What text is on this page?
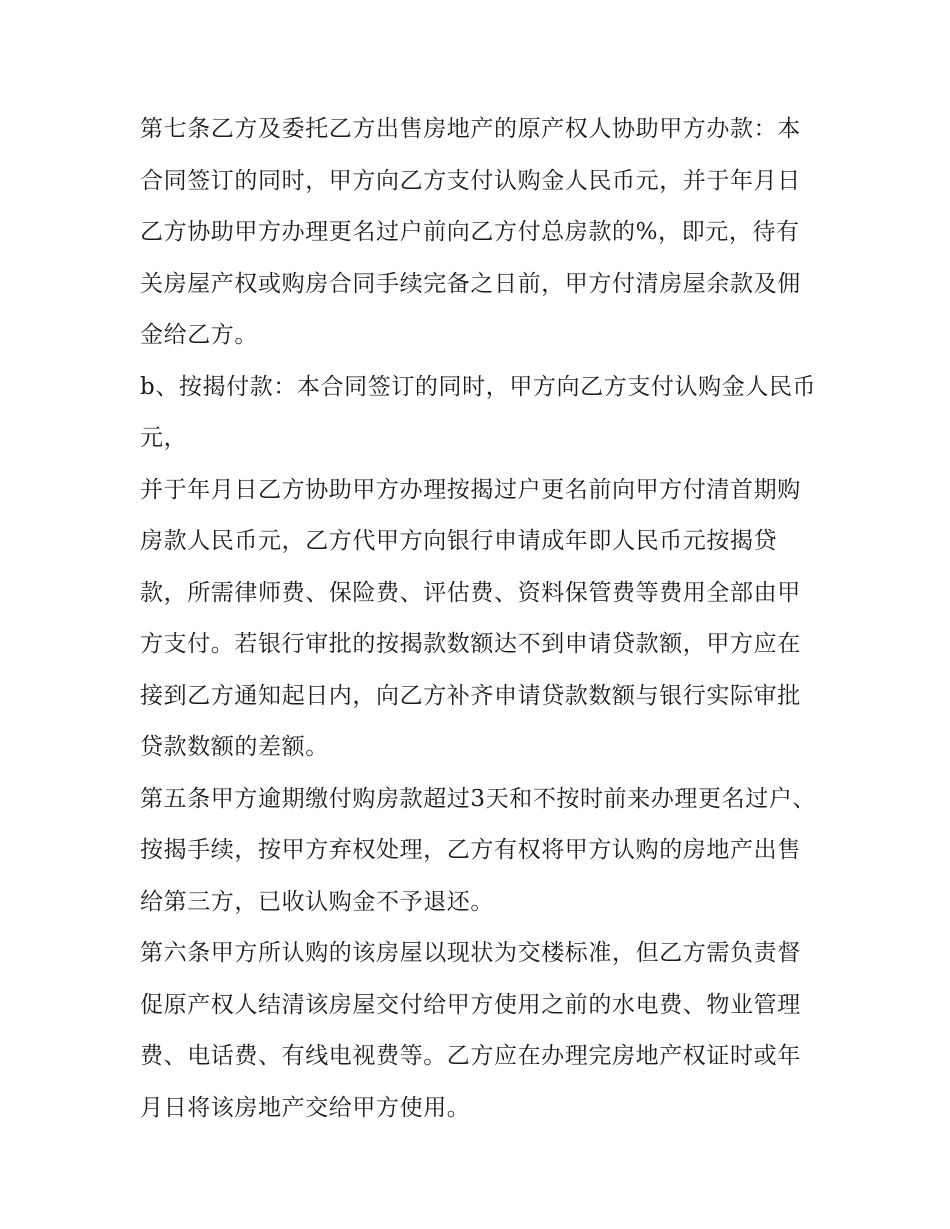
第七条乙方及委托乙方出售房地产的原产权人协助甲方办款：本合同签订的同时，甲方向乙方支付认购金人民币元，并于年月日乙方协助甲方办理更名过户前向乙方付总房款的%，即元，待有关房屋产权或购房合同手续完备之日前，甲方付清房屋余款及佣金给乙方。

b、按揭付款：本合同签订的同时，甲方向乙方支付认购金人民币元，

并于年月日乙方协助甲方办理按揭过户更名前向甲方付清首期购房款人民币元，乙方代甲方向银行申请成年即人民币元按揭贷款，所需律师费、保险费、评估费、资料保管费等费用全部由甲方支付。若银行审批的按揭款数额达不到申请贷款额，甲方应在接到乙方通知起日内，向乙方补齐申请贷款数额与银行实际审批贷款数额的差额。

第五条甲方逾期缴付购房款超过3天和不按时前来办理更名过户、按揭手续，按甲方弃权处理，乙方有权将甲方认购的房地产出售给第三方，已收认购金不予退还。

第六条甲方所认购的该房屋以现状为交楼标准，但乙方需负责督促原产权人结清该房屋交付给甲方使用之前的水电费、物业管理费、电话费、有线电视费等。乙方应在办理完房地产权证时或年月日将该房地产交给甲方使用。
